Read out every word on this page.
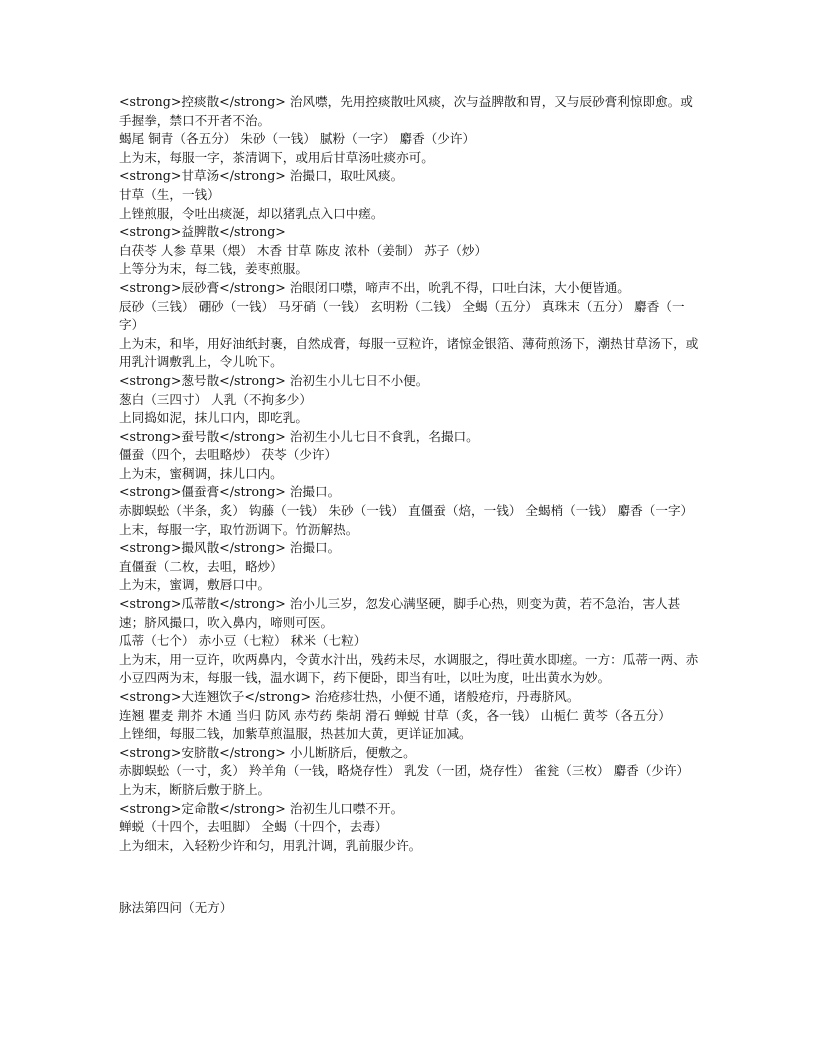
<strong>控痰散</strong> 治风噤，先用控痰散吐风痰，次与益脾散和胃，又与辰砂膏利惊即愈。或手握拳，禁口不开者不治。

蝎尾 铜青（各五分） 朱砂（一钱） 腻粉（一字） 麝香（少许）

上为末，每服一字，茶清调下，或用后甘草汤吐痰亦可。

<strong>甘草汤</strong> 治撮口，取吐风痰。

甘草（生，一钱）

上锉煎服，令吐出痰涎，却以猪乳点入口中瘥。

<strong>益脾散</strong>

白茯苓 人参 草果（煨） 木香 甘草 陈皮 浓朴（姜制） 苏子（炒）

上等分为末，每二钱，姜枣煎服。

<strong>辰砂膏</strong> 治眼闭口噤，啼声不出，吮乳不得，口吐白沫，大小便皆通。

辰砂（三钱） 硼砂（一钱） 马牙硝（一钱） 玄明粉（二钱） 全蝎（五分） 真珠末（五分） 麝香（一字）

上为末，和毕，用好油纸封裹，自然成膏，每服一豆粒许，诸惊金银箔、薄荷煎汤下，潮热甘草汤下，或用乳汁调敷乳上，令儿吮下。

<strong>葱号散</strong> 治初生小儿七日不小便。

葱白（三四寸） 人乳（不拘多少）

上同捣如泥，抹儿口内，即吃乳。

<strong>蚕号散</strong> 治初生小儿七日不食乳，名撮口。

僵蚕（四个，去咀略炒） 茯苓（少许）

上为末，蜜稠调，抹儿口内。

<strong>僵蚕膏</strong> 治撮口。

赤脚蜈蚣（半条，炙） 钩藤（一钱） 朱砂（一钱） 直僵蚕（焙，一钱） 全蝎梢（一钱） 麝香（一字）

上末，每服一字，取竹沥调下。竹沥解热。

<strong>撮风散</strong> 治撮口。

直僵蚕（二枚，去咀，略炒）

上为末，蜜调，敷唇口中。

<strong>瓜蒂散</strong> 治小儿三岁，忽发心满坚硬，脚手心热，则变为黄，若不急治，害人甚速；脐风撮口，吹入鼻内，啼则可医。

瓜蒂（七个） 赤小豆（七粒） 秫米（七粒）

上为末，用一豆许，吹两鼻内，令黄水汁出，残药未尽，水调服之，得吐黄水即瘥。一方：瓜蒂一两、赤小豆四两为末，每服一钱，温水调下，药下便卧，即当有吐，以吐为度，吐出黄水为妙。

<strong>大连翘饮子</strong> 治疮疹壮热，小便不通，诸般疮疖，丹毒脐风。

连翘 瞿麦 荆芥 木通 当归 防风 赤芍药 柴胡 滑石 蝉蜕 甘草（炙，各一钱） 山栀仁 黄芩（各五分）

上锉细，每服二钱，加紫草煎温服，热甚加大黄，更详证加减。

<strong>安脐散</strong> 小儿断脐后，便敷之。

赤脚蜈蚣（一寸，炙） 羚羊角（一钱，略烧存性） 乳发（一团，烧存性） 雀瓮（三枚） 麝香（少许）

上为末，断脐后敷于脐上。

<strong>定命散</strong> 治初生儿口噤不开。

蝉蜕（十四个，去咀脚） 全蝎（十四个，去毒）

上为细末，入轻粉少许和匀，用乳汁调，乳前服少许。

脉法第四问（无方）
